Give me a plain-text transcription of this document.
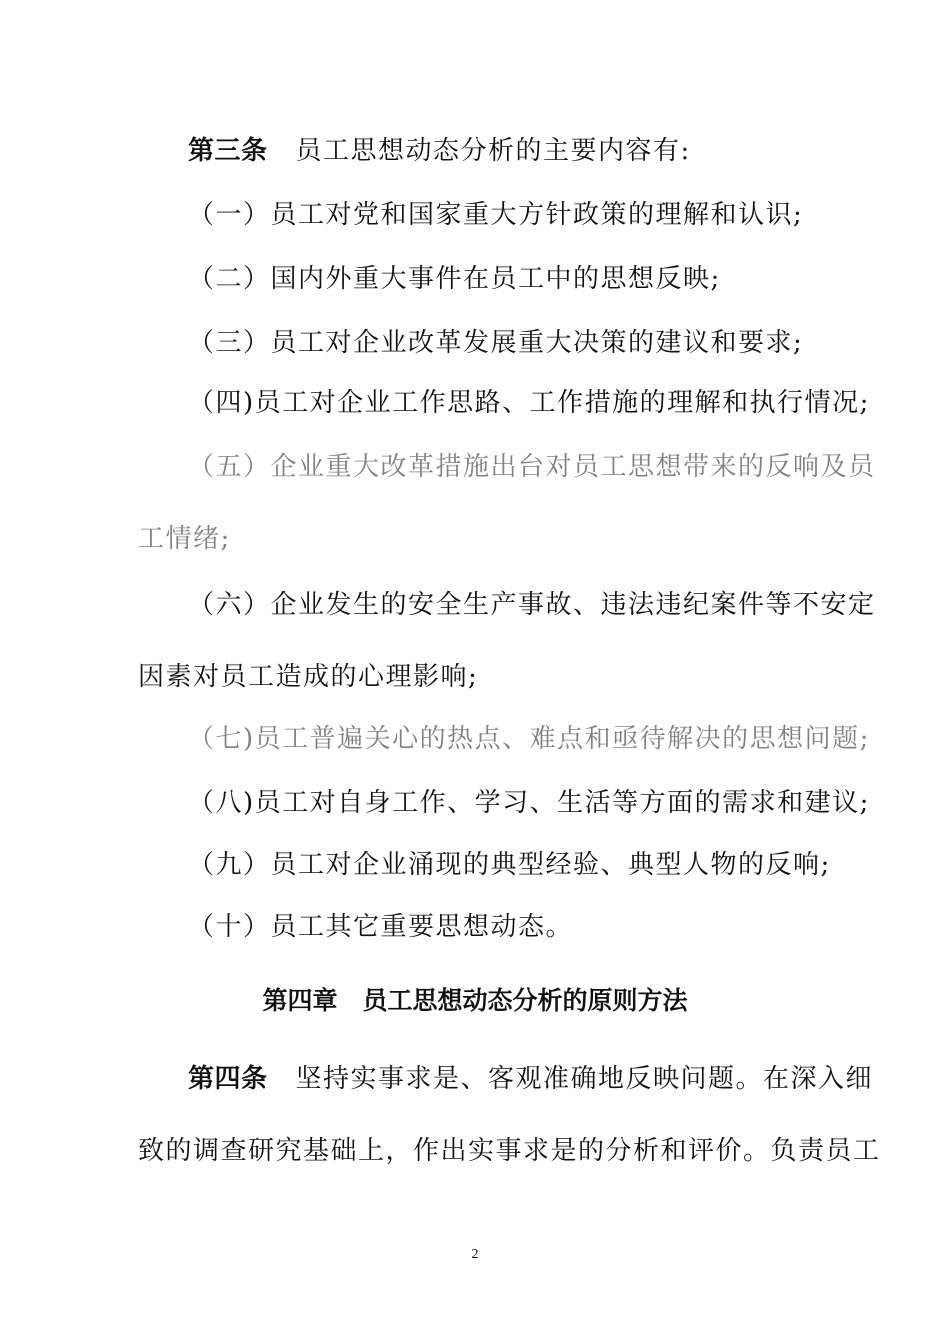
第三条 员工思想动态分析的主要内容有:
（一）员工对党和国家重大方针政策的理解和认识;
（二）国内外重大事件在员工中的思想反映;
（三）员工对企业改革发展重大决策的建议和要求;
（四)员工对企业工作思路、工作措施的理解和执行情况;
（五）企业重大改革措施出台对员工思想带来的反响及员
工情绪;
（六）企业发生的安全生产事故、违法违纪案件等不安定
因素对员工造成的心理影响;
（七)员工普遍关心的热点、难点和亟待解决的思想问题;
（八)员工对自身工作、学习、生活等方面的需求和建议;
（九）员工对企业涌现的典型经验、典型人物的反响;
（十）员工其它重要思想动态。
第四章　员工思想动态分析的原则方法
第四条 坚持实事求是、客观准确地反映问题。在深入细
致的调查研究基础上，作出实事求是的分析和评价。负责员工
2
